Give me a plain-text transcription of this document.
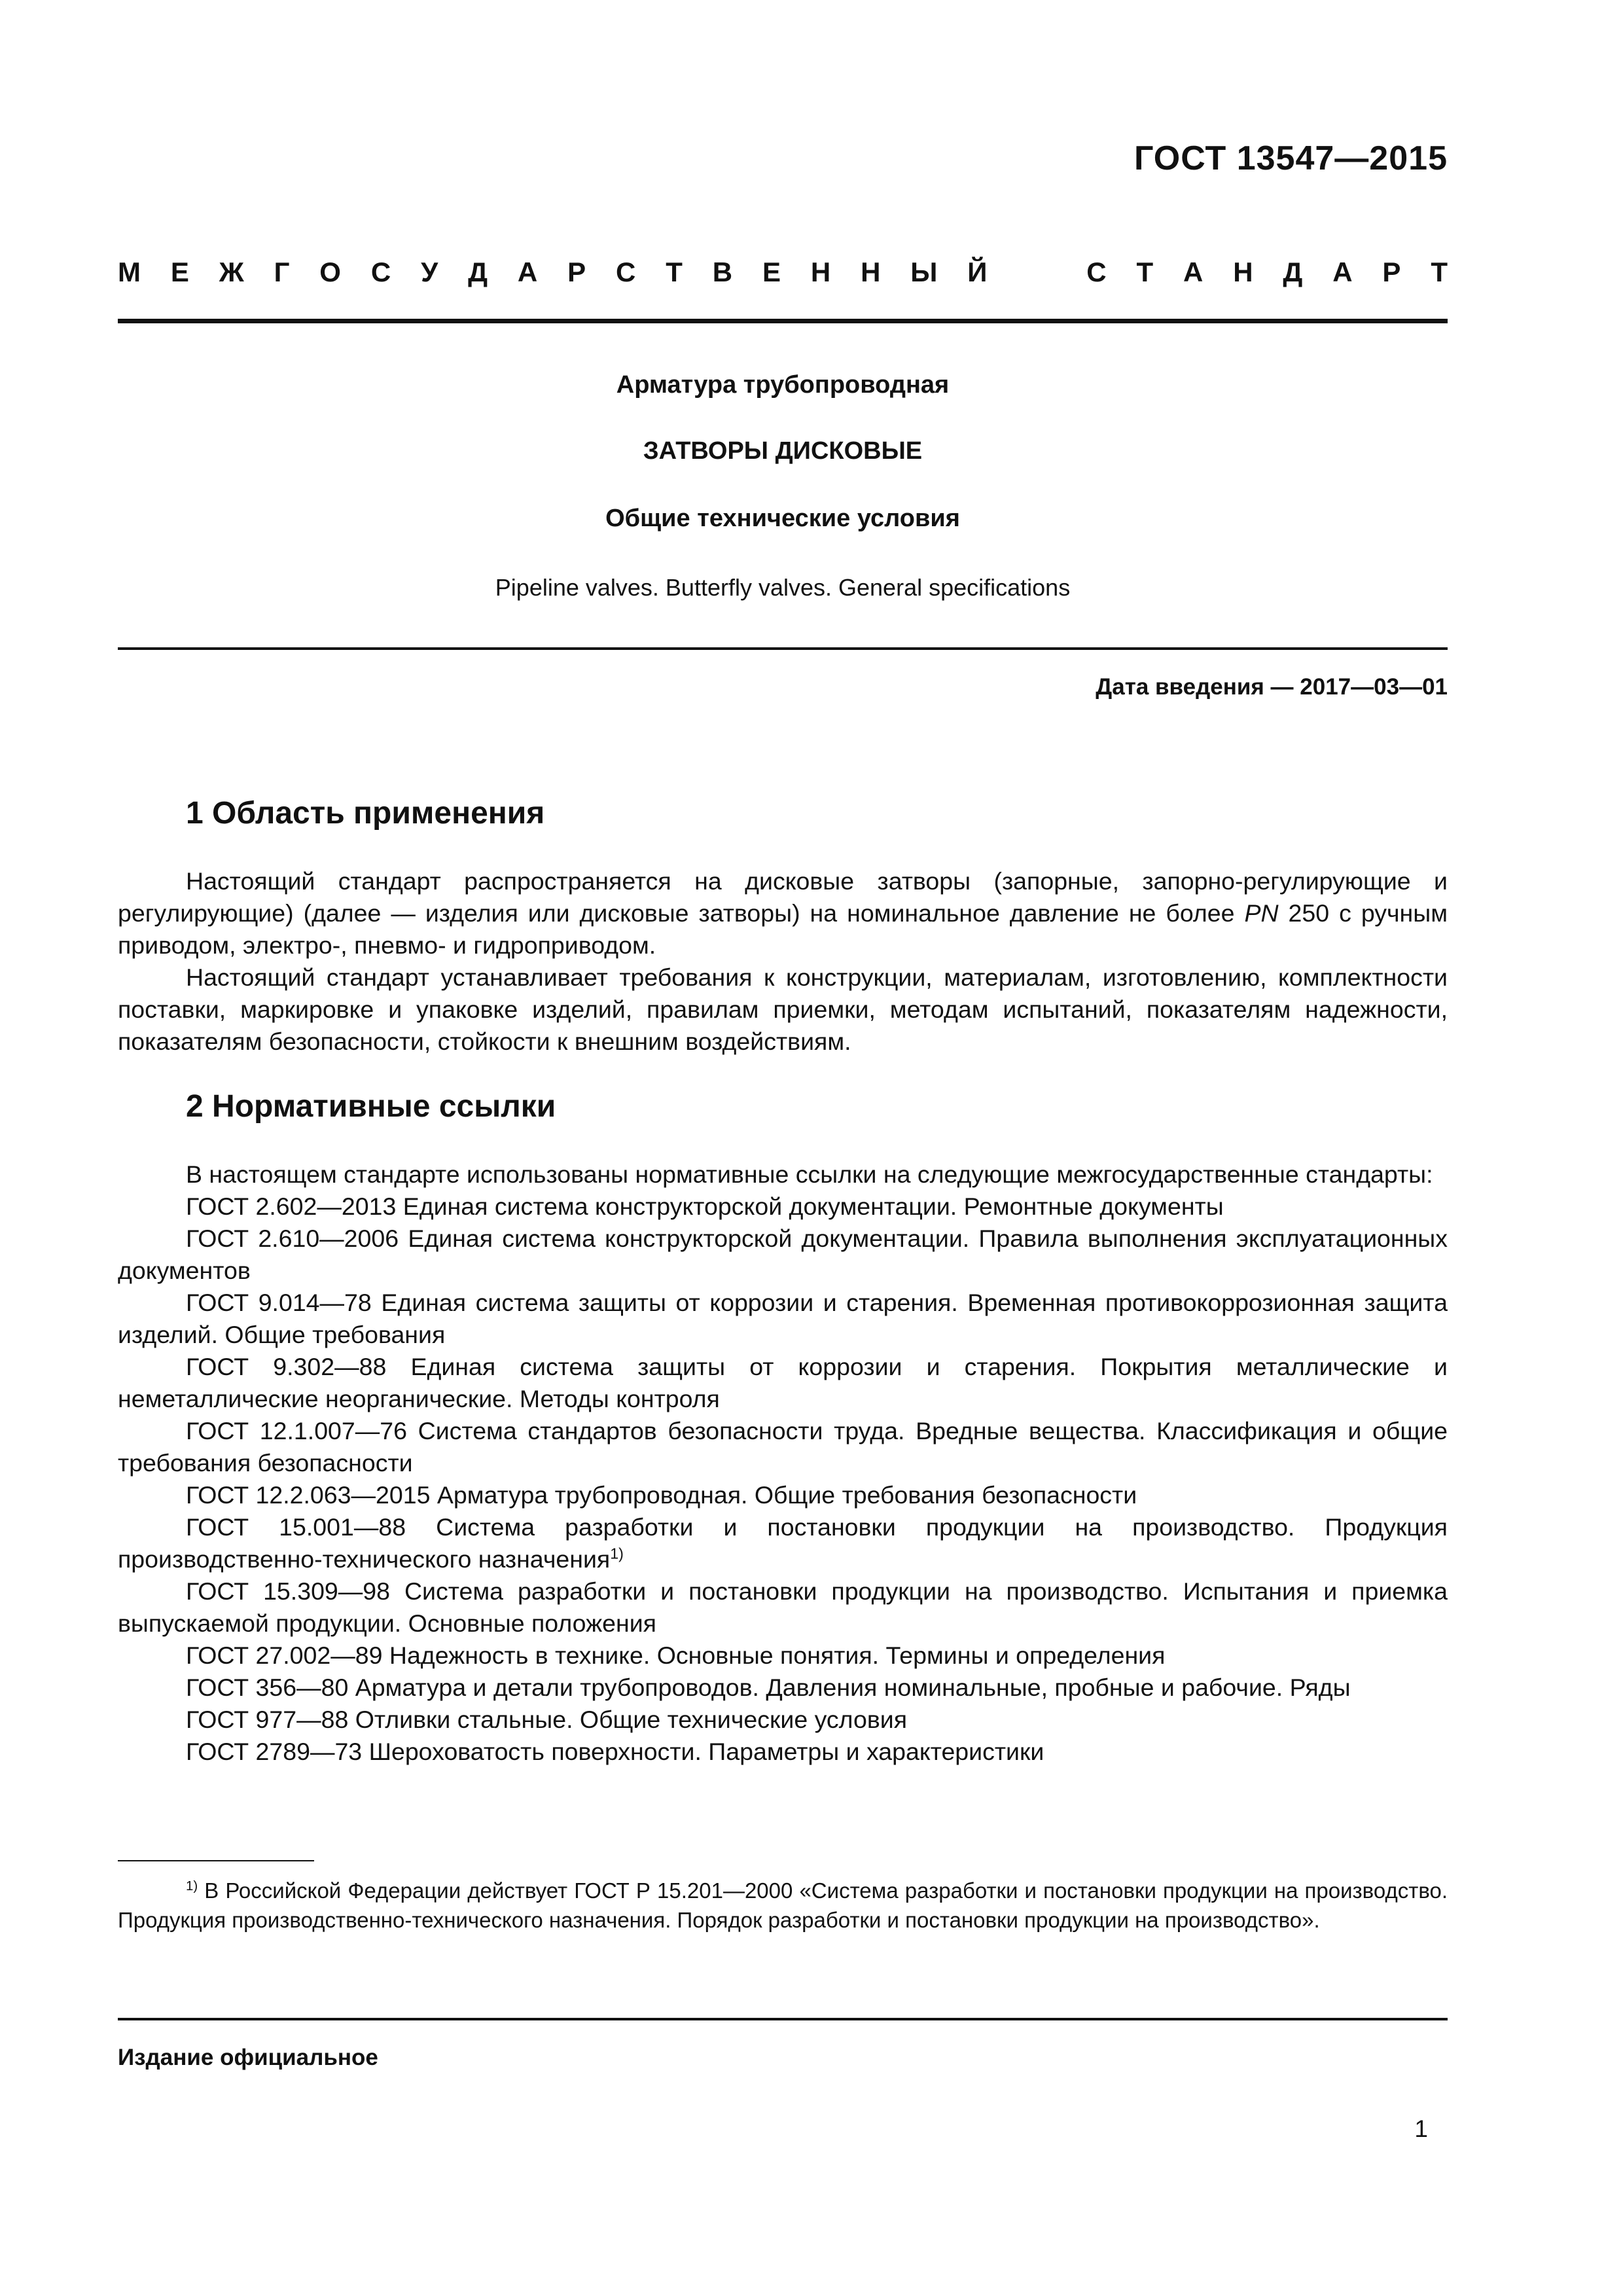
ГОСТ 13547—2015
М Е Ж Г О С У Д А Р С Т В Е Н Н Ы Й	С Т А Н Д А Р Т
Арматура трубопроводная
ЗАТВОРЫ ДИСКОВЫЕ
Общие технические условия
Pipeline valves. Butterfly valves. General specifications
Дата введения — 2017—03—01
1 Область применения

Настоящий стандарт распространяется на дисковые затворы (запорные, запорно-регулирующие и регулирующие) (далее — изделия или дисковые затворы) на номинальное давление не более PN 250 с ручным приводом, электро-, пневмо- и гидроприводом.

Настоящий стандарт устанавливает требования к конструкции, материалам, изготовлению, комплектности поставки, маркировке и упаковке изделий, правилам приемки, методам испытаний, показателям надежности, показателям безопасности, стойкости к внешним воздействиям.

2 Нормативные ссылки

В настоящем стандарте использованы нормативные ссылки на следующие межгосударственные стандарты:

ГОСТ 2.602—2013 Единая система конструкторской документации. Ремонтные документы

ГОСТ 2.610—2006 Единая система конструкторской документации. Правила выполнения эксплуатационных документов

ГОСТ 9.014—78 Единая система защиты от коррозии и старения. Временная противокоррозионная защита изделий. Общие требования

ГОСТ 9.302—88 Единая система защиты от коррозии и старения. Покрытия металлические и неметаллические неорганические. Методы контроля

ГОСТ 12.1.007—76 Система стандартов безопасности труда. Вредные вещества. Классификация и общие требования безопасности

ГОСТ 12.2.063—2015 Арматура трубопроводная. Общие требования безопасности

ГОСТ 15.001—88 Система разработки и постановки продукции на производство. Продукция производственно-технического назначения$^{1)}$

ГОСТ 15.309—98 Система разработки и постановки продукции на производство. Испытания и приемка выпускаемой продукции. Основные положения

ГОСТ 27.002—89 Надежность в технике. Основные понятия. Термины и определения

ГОСТ 356—80 Арматура и детали трубопроводов. Давления номинальные, пробные и рабочие. Ряды

ГОСТ 977—88 Отливки стальные. Общие технические условия

ГОСТ 2789—73 Шероховатость поверхности. Параметры и характеристики

$^{1)}$ В Российской Федерации действует ГОСТ Р 15.201—2000 «Система разработки и постановки продукции на производство. Продукция производственно-технического назначения. Порядок разработки и постановки продукции на производство».

Издание официальное
1
